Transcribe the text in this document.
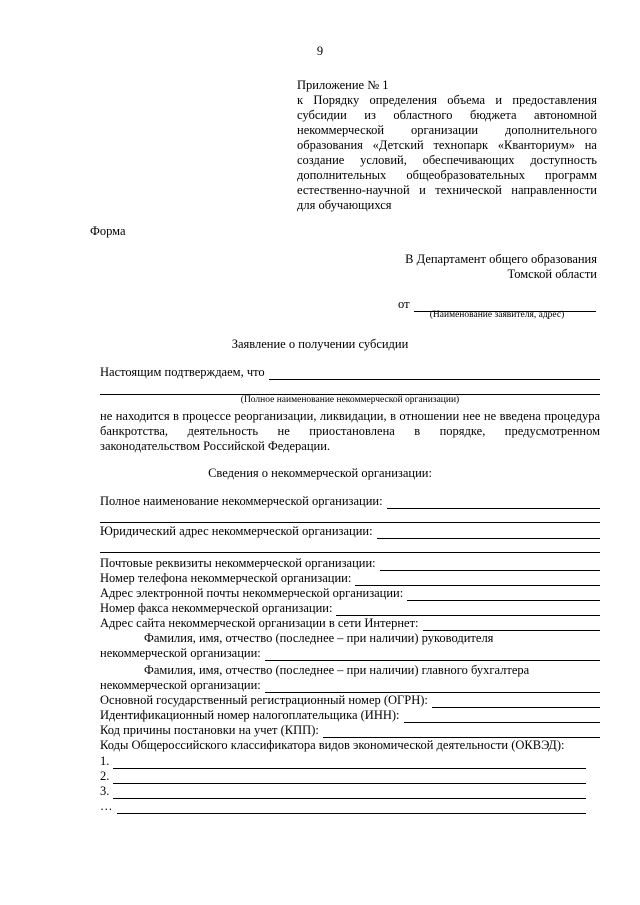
9
Приложение № 1
к Порядку определения объема и предоставления субсидии из областного бюджета автономной некоммерческой организации дополнительного образования «Детский технопарк «Кванториум» на создание условий, обеспечивающих доступность дополнительных общеобразовательных программ естественно-научной и технической направленности для обучающихся
Форма
В Департамент общего образования
Томской области
от
(Наименование заявителя, адрес)
Заявление о получении субсидии
Настоящим подтверждаем, что
(Полное наименование некоммерческой организации)
не находится в процессе реорганизации, ликвидации, в отношении нее не введена процедура банкротства, деятельность не приостановлена в порядке, предусмотренном законодательством Российской Федерации.
Сведения о некоммерческой организации:
Полное наименование некоммерческой организации:
Юридический адрес некоммерческой организации:
Почтовые реквизиты некоммерческой организации:
Номер телефона некоммерческой организации:
Адрес электронной почты некоммерческой организации:
Номер факса некоммерческой организации:
Адрес сайта некоммерческой организации в сети Интернет:
Фамилия, имя, отчество (последнее – при наличии) руководителя
некоммерческой организации:
Фамилия, имя, отчество (последнее – при наличии) главного бухгалтера
некоммерческой организации:
Основной государственный регистрационный номер (ОГРН):
Идентификационный номер налогоплательщика (ИНН):
Код причины постановки на учет (КПП):
Коды Общероссийского классификатора видов экономической деятельности (ОКВЭД):
1.
2.
3.
…
